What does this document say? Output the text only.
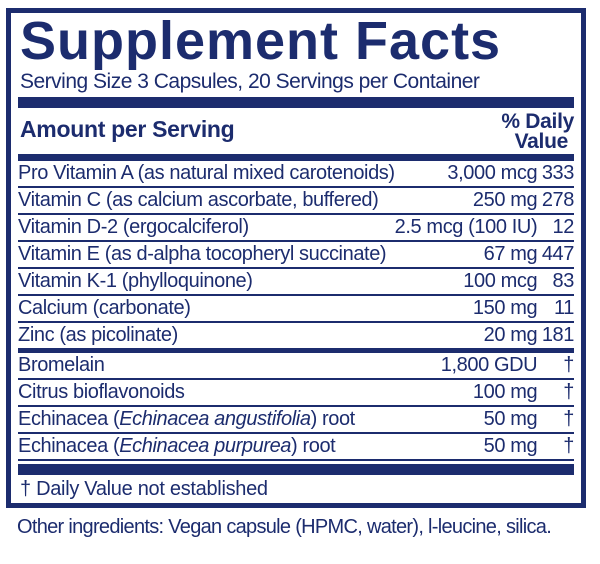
Supplement Facts
Serving Size 3 Capsules, 20 Servings per Container
Amount per Serving	% Daily
Value
Pro Vitamin A (as natural mixed carotenoids)	3,000 mcg	333
Vitamin C (as calcium ascorbate, buffered)	250 mg	278
Vitamin D-2 (ergocalciferol)	2.5 mcg (100 IU)	12
Vitamin E (as d-alpha tocopheryl succinate)	67 mg	447
Vitamin K-1 (phylloquinone)	100 mcg	83
Calcium (carbonate)	150 mg	11
Zinc (as picolinate)	20 mg	181
Bromelain	1,800 GDU	†
Citrus bioflavonoids	100 mg	†
Echinacea (Echinacea angustifolia) root	50 mg	†
Echinacea (Echinacea purpurea) root	50 mg	†
† Daily Value not established
Other ingredients: Vegan capsule (HPMC, water), l-leucine, silica.
